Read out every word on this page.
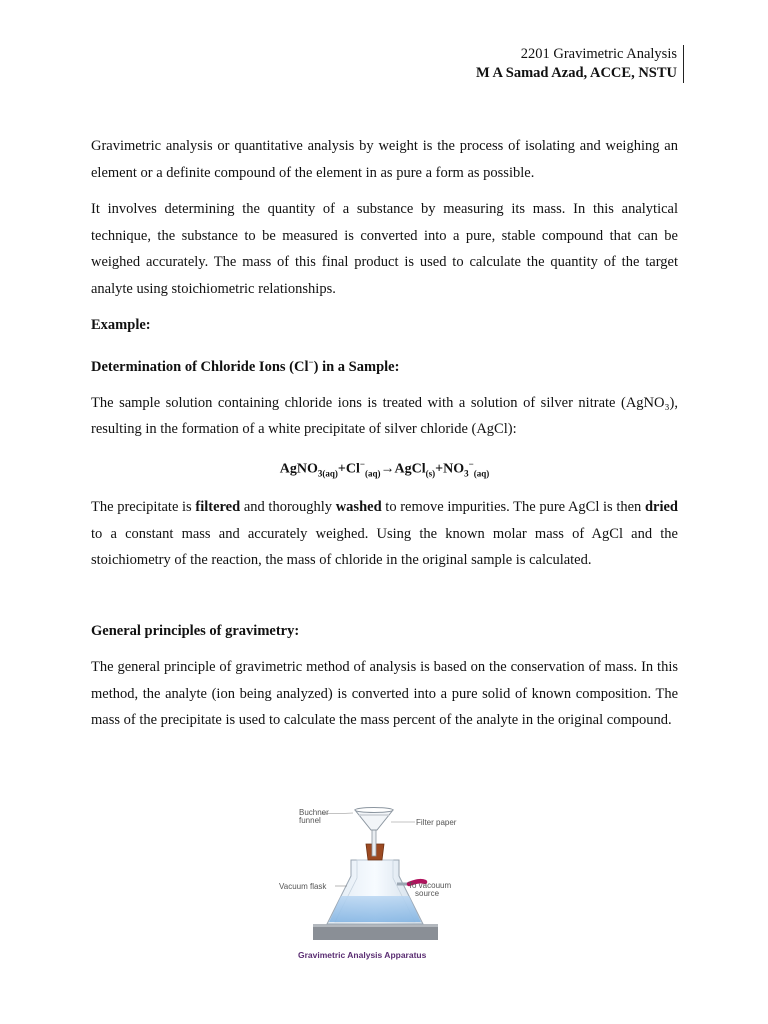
2201 Gravimetric Analysis
M A Samad Azad, ACCE, NSTU

Gravimetric analysis or quantitative analysis by weight is the process of isolating and weighing an element or a definite compound of the element in as pure a form as possible.

It involves determining the quantity of a substance by measuring its mass. In this analytical technique, the substance to be measured is converted into a pure, stable compound that can be weighed accurately. The mass of this final product is used to calculate the quantity of the target analyte using stoichiometric relationships.

Example:

Determination of Chloride Ions (Cl−) in a Sample:

The sample solution containing chloride ions is treated with a solution of silver nitrate (AgNO₃), resulting in the formation of a white precipitate of silver chloride (AgCl):

$AgNO_{3(aq)}+Cl^-_{(aq)}\to AgCl_{(s)}+NO_3^-_{(aq)}$

The precipitate is filtered and thoroughly washed to remove impurities. The pure AgCl is then dried to a constant mass and accurately weighed. Using the known molar mass of AgCl and the stoichiometry of the reaction, the mass of chloride in the original sample is calculated.

General principles of gravimetry:

The general principle of gravimetric method of analysis is based on the conservation of mass. In this method, the analyte (ion being analyzed) is converted into a pure solid of known composition. The mass of the precipitate is used to calculate the mass percent of the analyte in the original compound.

Buchner
funnel	Filter paper
Vacuum flask	To vacouum
source
Gravimetric Analysis Apparatus
